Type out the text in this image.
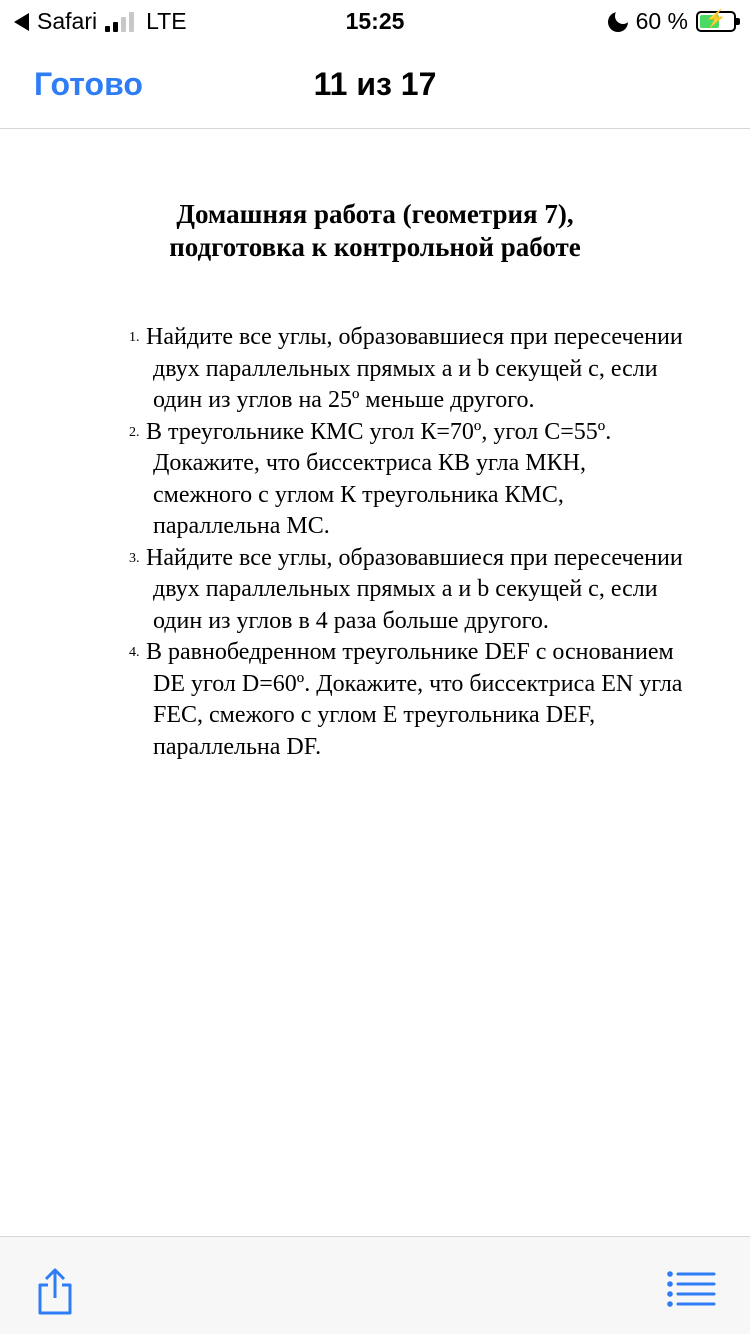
Safari LTE	15:25	60 %	⚡
Готово	11 из 17
Домашняя работа (геометрия 7),
подготовка к контрольной работе
1. Найдите все углы, образовавшиеся при пересечении двух параллельных прямых a и b секущей c, если один из углов на 25º меньше другого.
2. В треугольнике КМС угол К=70º, угол С=55º. Докажите, что биссектриса КВ угла МКН, смежного с углом К треугольника КМС, параллельна МС.
3. Найдите все углы, образовавшиеся при пересечении двух параллельных прямых a и b секущей c, если один из углов в 4 раза больше другого.
4. В равнобедренном треугольнике DEF с основанием DE угол D=60º. Докажите, что биссектриса EN угла FEC, смежого с углом E треугольника DEF, параллельна DF.
